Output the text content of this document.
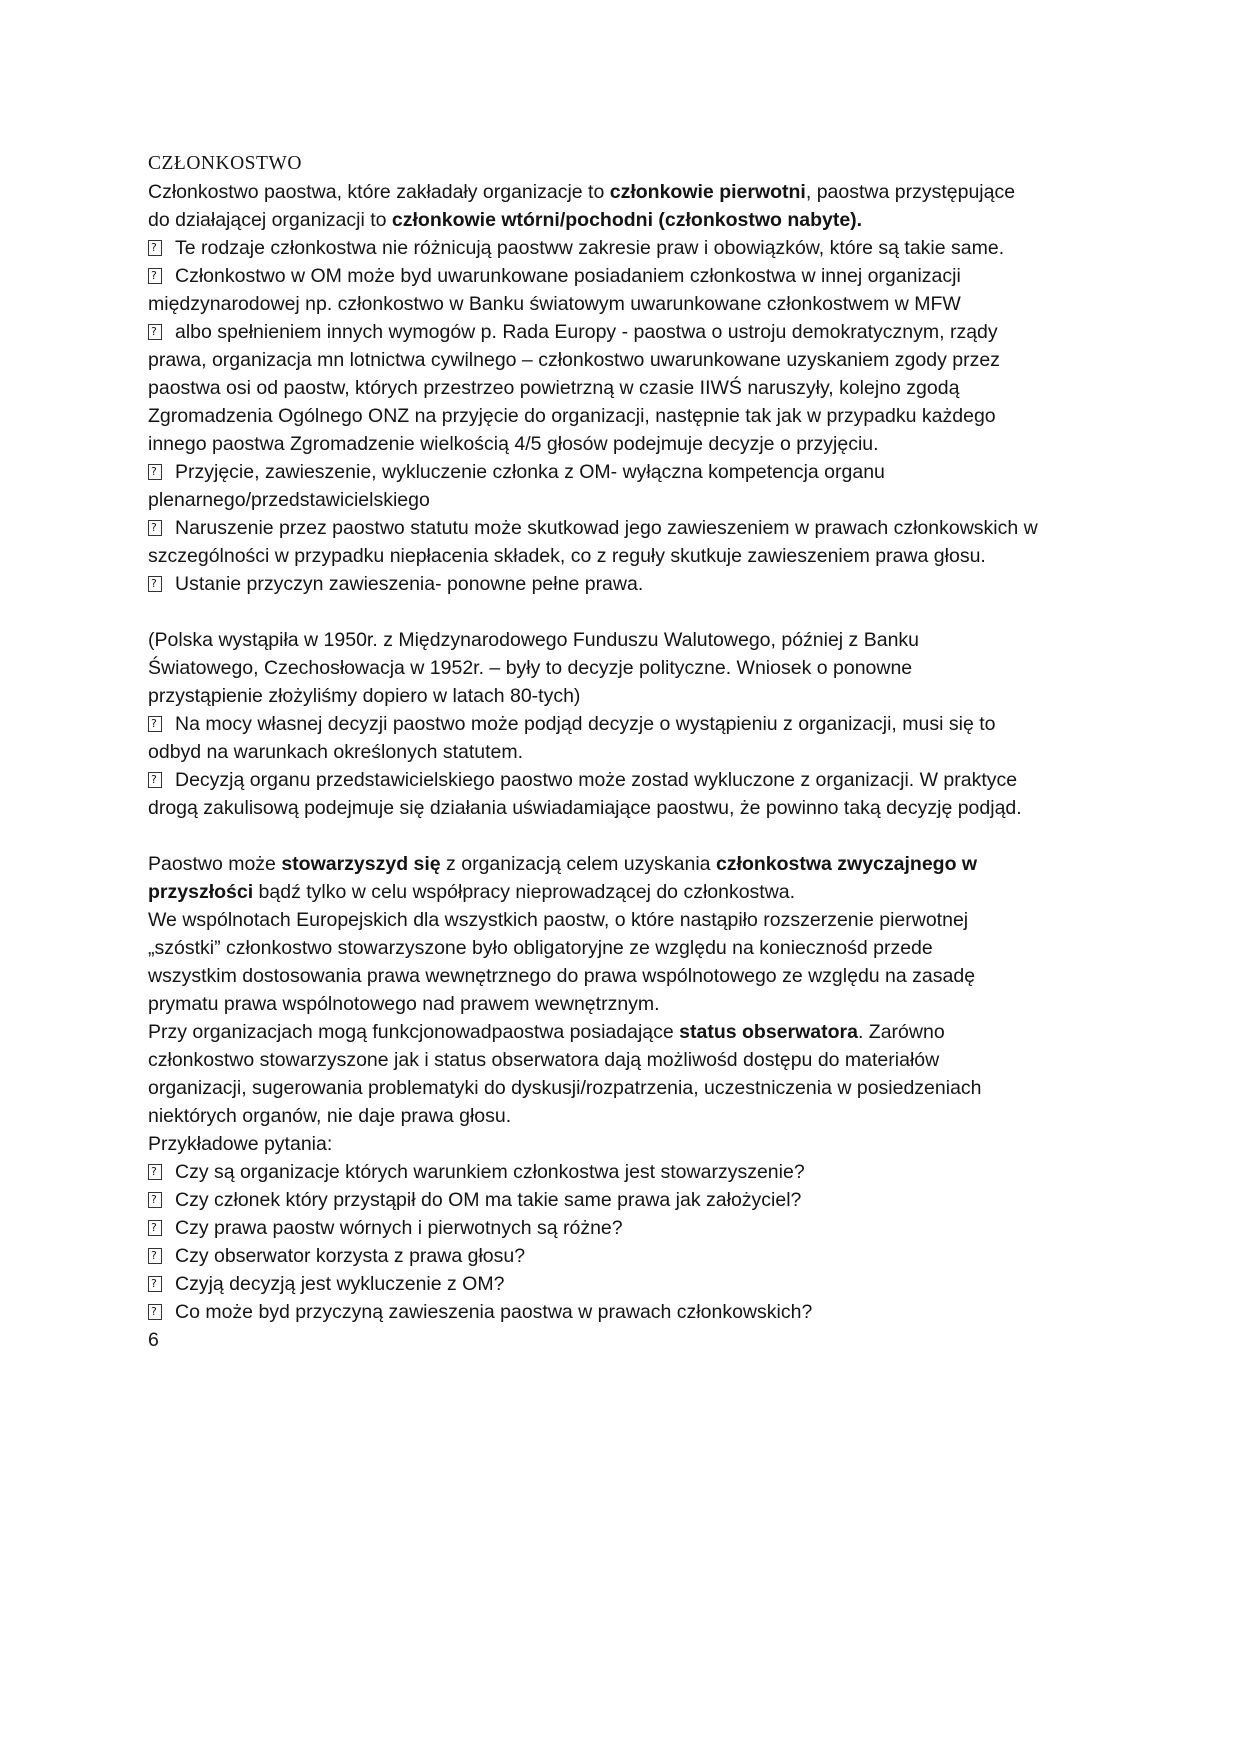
CZŁONKOSTWO
Członkostwo paostwa, które zakładały organizacje to członkowie pierwotni, paostwa przystępujące
do działającej organizacji to członkowie wtórni/pochodni (członkostwo nabyte).
?Te rodzaje członkostwa nie różnicują paostww zakresie praw i obowiązków, które są takie same.
?Członkostwo w OM może byd uwarunkowane posiadaniem członkostwa w innej organizacji
międzynarodowej np. członkostwo w Banku światowym uwarunkowane członkostwem w MFW
?albo spełnieniem innych wymogów p. Rada Europy - paostwa o ustroju demokratycznym, rządy
prawa, organizacja mn lotnictwa cywilnego – członkostwo uwarunkowane uzyskaniem zgody przez
paostwa osi od paostw, których przestrzeo powietrzną w czasie IIWŚ naruszyły, kolejno zgodą
Zgromadzenia Ogólnego ONZ na przyjęcie do organizacji, następnie tak jak w przypadku każdego
innego paostwa Zgromadzenie wielkością 4/5 głosów podejmuje decyzje o przyjęciu.
?Przyjęcie, zawieszenie, wykluczenie członka z OM- wyłączna kompetencja organu
plenarnego/przedstawicielskiego
?Naruszenie przez paostwo statutu może skutkowad jego zawieszeniem w prawach członkowskich w
szczególności w przypadku niepłacenia składek, co z reguły skutkuje zawieszeniem prawa głosu.
?Ustanie przyczyn zawieszenia- ponowne pełne prawa.
(Polska wystąpiła w 1950r. z Międzynarodowego Funduszu Walutowego, później z Banku
Światowego, Czechosłowacja w 1952r. – były to decyzje polityczne. Wniosek o ponowne
przystąpienie złożyliśmy dopiero w latach 80-tych)
?Na mocy własnej decyzji paostwo może podjąd decyzje o wystąpieniu z organizacji, musi się to
odbyd na warunkach określonych statutem.
?Decyzją organu przedstawicielskiego paostwo może zostad wykluczone z organizacji. W praktyce
drogą zakulisową podejmuje się działania uświadamiające paostwu, że powinno taką decyzję podjąd.
Paostwo może stowarzyszyd się z organizacją celem uzyskania członkostwa zwyczajnego w
przyszłości bądź tylko w celu współpracy nieprowadzącej do członkostwa.
We wspólnotach Europejskich dla wszystkich paostw, o które nastąpiło rozszerzenie pierwotnej
„szóstki” członkostwo stowarzyszone było obligatoryjne ze względu na koniecznośd przede
wszystkim dostosowania prawa wewnętrznego do prawa wspólnotowego ze względu na zasadę
prymatu prawa wspólnotowego nad prawem wewnętrznym.
Przy organizacjach mogą funkcjonowadpaostwa posiadające status obserwatora. Zarówno
członkostwo stowarzyszone jak i status obserwatora dają możliwośd dostępu do materiałów
organizacji, sugerowania problematyki do dyskusji/rozpatrzenia, uczestniczenia w posiedzeniach
niektórych organów, nie daje prawa głosu.
Przykładowe pytania:
?Czy są organizacje których warunkiem członkostwa jest stowarzyszenie?
?Czy członek który przystąpił do OM ma takie same prawa jak założyciel?
?Czy prawa paostw wórnych i pierwotnych są różne?
?Czy obserwator korzysta z prawa głosu?
?Czyją decyzją jest wykluczenie z OM?
?Co może byd przyczyną zawieszenia paostwa w prawach członkowskich?
6
